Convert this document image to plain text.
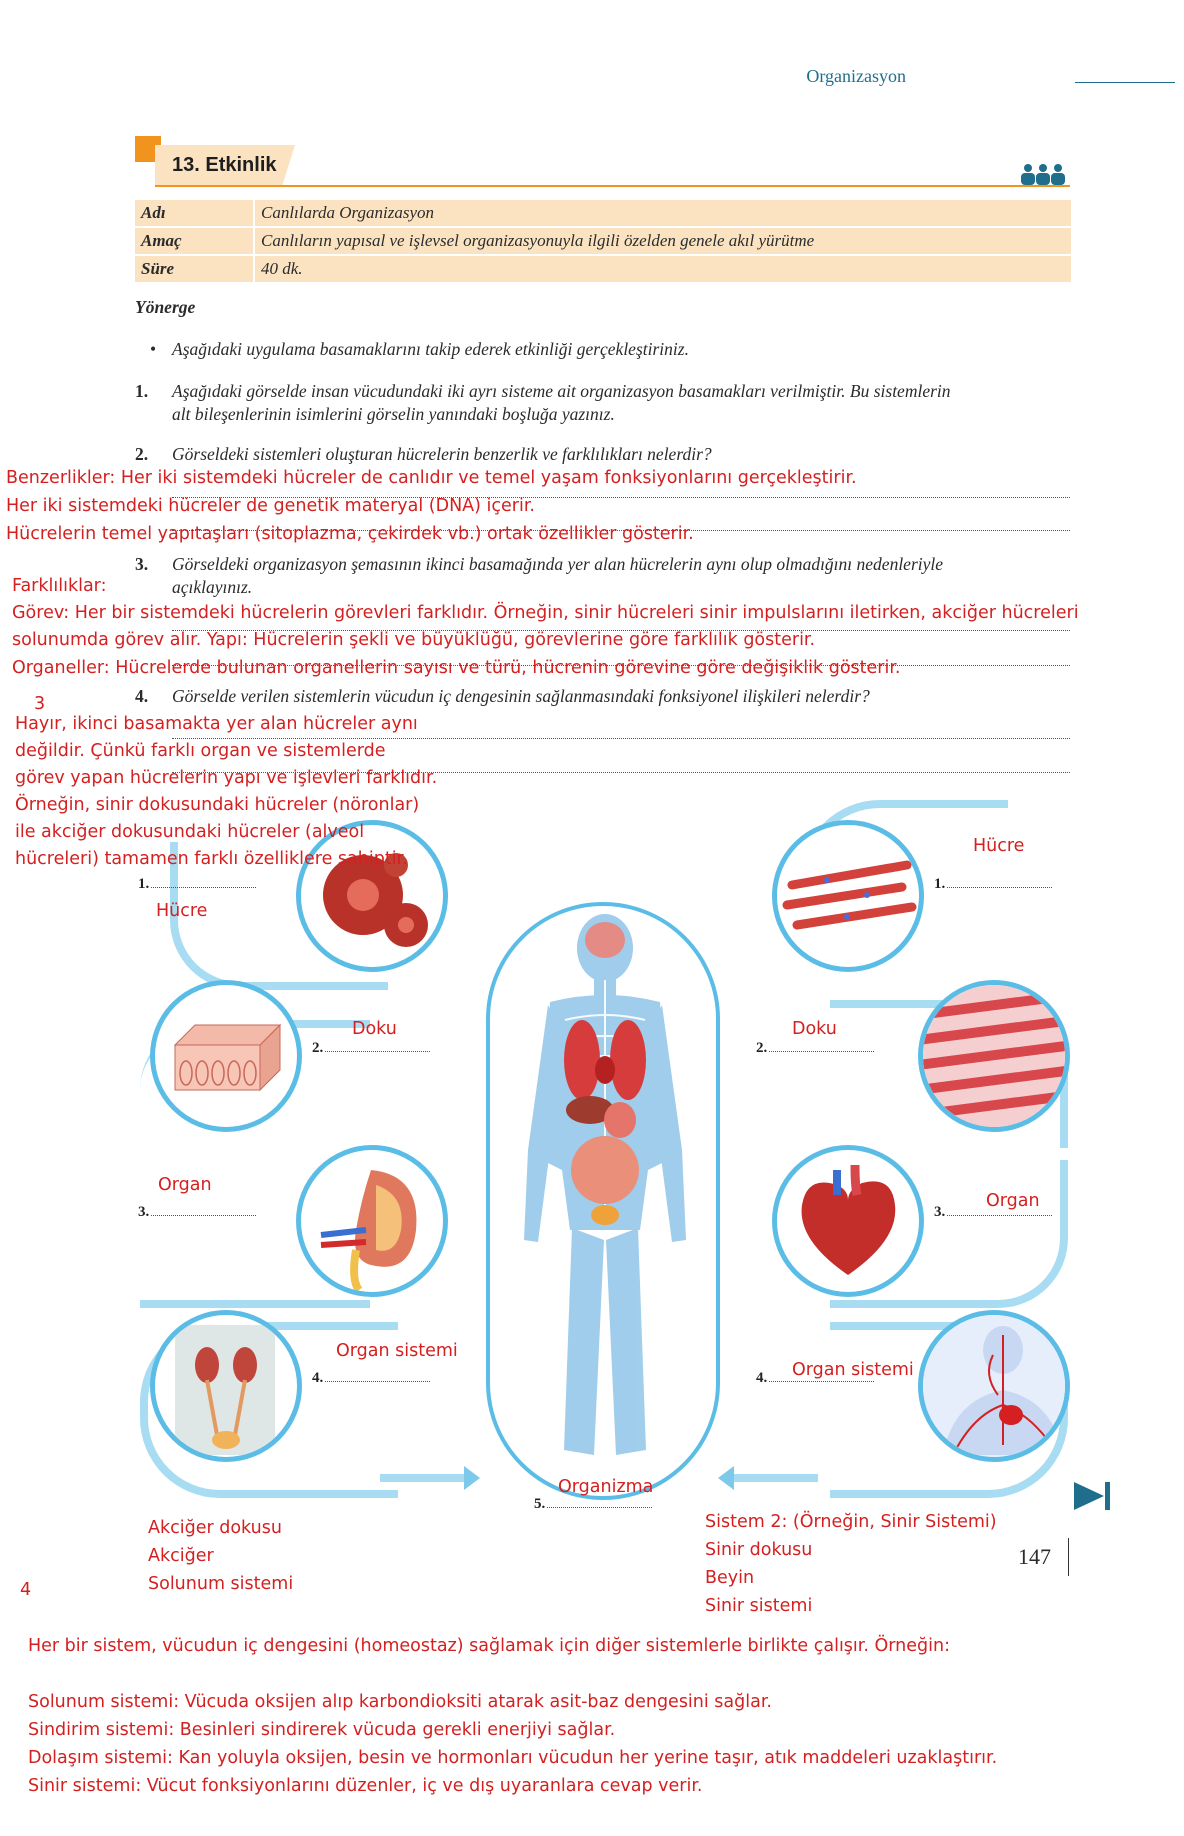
Organizasyon
13. Etkinlik
Adı		Canlılarda Organizasyon
Amaç		Canlıların yapısal ve işlevsel organizasyonuyla ilgili özelden genele akıl yürütme
Süre		40 dk.
Yönerge
• Aşağıdaki uygulama basamaklarını takip ederek etkinliği gerçekleştiriniz.
1. Aşağıdaki görselde insan vücudundaki iki ayrı sisteme ait organizasyon basamakları verilmiştir. Bu sistemlerin
alt bileşenlerinin isimlerini görselin yanındaki boşluğa yazınız.
2. Görseldeki sistemleri oluşturan hücrelerin benzerlik ve farklılıkları nelerdir?
3. Görseldeki organizasyon şemasının ikinci basamağında yer alan hücrelerin aynı olup olmadığını nedenleriyle
açıklayınız.
4. Görselde verilen sistemlerin vücudun iç dengesinin sağlanmasındaki fonksiyonel ilişkileri nelerdir?
1.
2.
3.
4.
1.
2.
3.
4.
5.
147
Benzerlikler: Her iki sistemdeki hücreler de canlıdır ve temel yaşam fonksiyonlarını gerçekleştirir.
Her iki sistemdeki hücreler de genetik materyal (DNA) içerir.
Hücrelerin temel yapıtaşları (sitoplazma, çekirdek vb.) ortak özellikler gösterir.
Farklılıklar:
Görev: Her bir sistemdeki hücrelerin görevleri farklıdır. Örneğin, sinir hücreleri sinir impulslarını iletirken, akciğer hücreleri
solunumda görev alır. Yapı: Hücrelerin şekli ve büyüklüğü, görevlerine göre farklılık gösterir.
Organeller: Hücrelerde bulunan organellerin sayısı ve türü, hücrenin görevine göre değişiklik gösterir.
3
Hayır, ikinci basamakta yer alan hücreler aynı
değildir. Çünkü farklı organ ve sistemlerde
görev yapan hücrelerin yapı ve işlevleri farklıdır.
Örneğin, sinir dokusundaki hücreler (nöronlar)
ile akciğer dokusundaki hücreler (alveol
hücreleri) tamamen farklı özelliklere sahiptir.
Hücre
Doku
Organ
Organ sistemi
Hücre
Doku
Organ
Organ sistemi
Organizma
Akciğer dokusu
Akciğer
Solunum sistemi
Sistem 2: (Örneğin, Sinir Sistemi)
Sinir dokusu
Beyin
Sinir sistemi
4
Her bir sistem, vücudun iç dengesini (homeostaz) sağlamak için diğer sistemlerle birlikte çalışır. Örneğin:
Solunum sistemi: Vücuda oksijen alıp karbondioksiti atarak asit-baz dengesini sağlar.
Sindirim sistemi: Besinleri sindirerek vücuda gerekli enerjiyi sağlar.
Dolaşım sistemi: Kan yoluyla oksijen, besin ve hormonları vücudun her yerine taşır, atık maddeleri uzaklaştırır.
Sinir sistemi: Vücut fonksiyonlarını düzenler, iç ve dış uyaranlara cevap verir.
